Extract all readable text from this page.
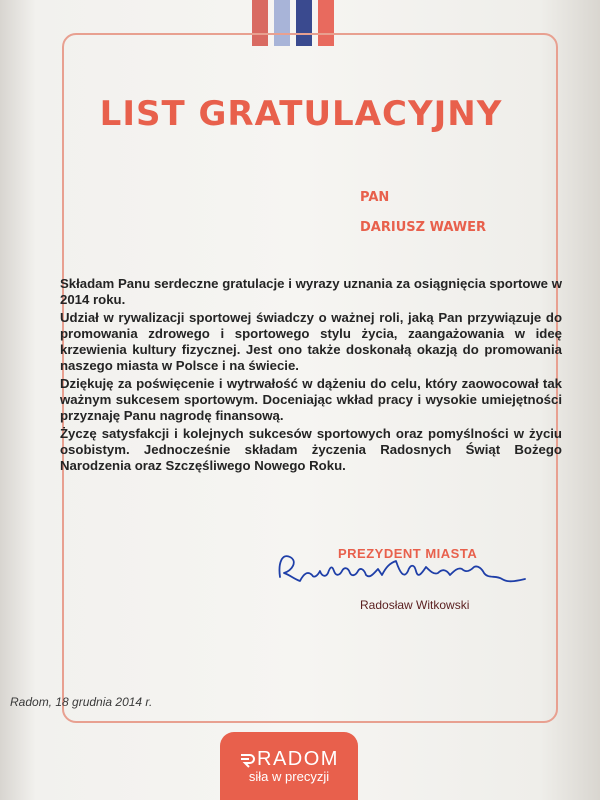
LIST GRATULACYJNY
PAN
DARIUSZ WAWER

Składam Panu serdeczne gratulacje i wyrazy uznania za osiągnięcia sportowe w 2014 roku.

Udział w rywalizacji sportowej świadczy o ważnej roli, jaką Pan przywiązuje do promowania zdrowego i sportowego stylu życia, zaangażowania w ideę krzewienia kultury fizycznej. Jest ono także doskonałą okazją do promowania naszego miasta w Polsce i na świecie.

Dziękuję za poświęcenie i wytrwałość w dążeniu do celu, który zaowocował tak ważnym sukcesem sportowym. Doceniając wkład pracy i wysokie umiejętności przyznaję Panu nagrodę finansową.

Życzę satysfakcji i kolejnych sukcesów sportowych oraz pomyślności w życiu osobistym. Jednocześnie składam życzenia Radosnych Świąt Bożego Narodzenia oraz Szczęśliwego Nowego Roku.

PREZYDENT MIASTA
Radosław Witkowski
Radom, 18 grudnia 2014 r.
RADOM
siła w precyzji
